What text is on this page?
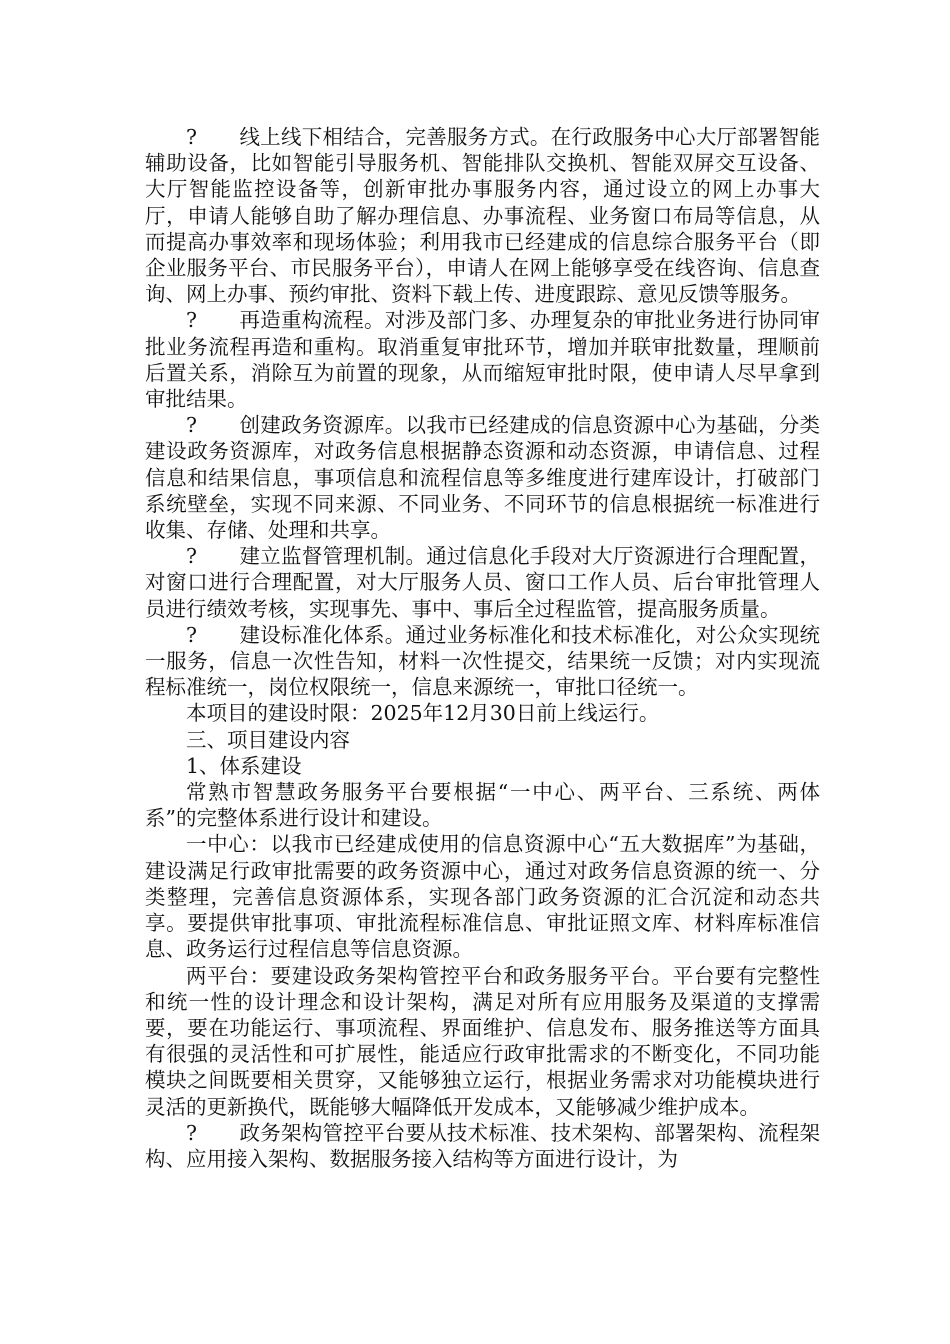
? 线上线下相结合，完善服务方式。在行政服务中心大厅部署智能辅助设备，比如智能引导服务机、智能排队交换机、智能双屏交互设备、大厅智能监控设备等，创新审批办事服务内容，通过设立的网上办事大厅，申请人能够自助了解办理信息、办事流程、业务窗口布局等信息，从而提高办事效率和现场体验；利用我市已经建成的信息综合服务平台（即企业服务平台、市民服务平台），申请人在网上能够享受在线咨询、信息查询、网上办事、预约审批、资料下载上传、进度跟踪、意见反馈等服务。

? 再造重构流程。对涉及部门多、办理复杂的审批业务进行协同审批业务流程再造和重构。取消重复审批环节，增加并联审批数量，理顺前后置关系，消除互为前置的现象，从而缩短审批时限，使申请人尽早拿到审批结果。

? 创建政务资源库。以我市已经建成的信息资源中心为基础，分类建设政务资源库，对政务信息根据静态资源和动态资源，申请信息、过程信息和结果信息，事项信息和流程信息等多维度进行建库设计，打破部门系统壁垒，实现不同来源、不同业务、不同环节的信息根据统一标准进行收集、存储、处理和共享。

? 建立监督管理机制。通过信息化手段对大厅资源进行合理配置，对窗口进行合理配置，对大厅服务人员、窗口工作人员、后台审批管理人员进行绩效考核，实现事先、事中、事后全过程监管，提高服务质量。

? 建设标准化体系。通过业务标准化和技术标准化，对公众实现统一服务，信息一次性告知，材料一次性提交，结果统一反馈；对内实现流程标准统一，岗位权限统一，信息来源统一，审批口径统一。

本项目的建设时限：2025年12月30日前上线运行。

三、项目建设内容

1、体系建设

常熟市智慧政务服务平台要根据“一中心、两平台、三系统、两体系”的完整体系进行设计和建设。

一中心：以我市已经建成使用的信息资源中心“五大数据库”为基础，建设满足行政审批需要的政务资源中心，通过对政务信息资源的统一、分类整理，完善信息资源体系，实现各部门政务资源的汇合沉淀和动态共享。要提供审批事项、审批流程标准信息、审批证照文库、材料库标准信息、政务运行过程信息等信息资源。

两平台：要建设政务架构管控平台和政务服务平台。平台要有完整性和统一性的设计理念和设计架构，满足对所有应用服务及渠道的支撑需要，要在功能运行、事项流程、界面维护、信息发布、服务推送等方面具有很强的灵活性和可扩展性，能适应行政审批需求的不断变化，不同功能模块之间既要相关贯穿，又能够独立运行，根据业务需求对功能模块进行灵活的更新换代，既能够大幅降低开发成本，又能够减少维护成本。

? 政务架构管控平台要从技术标准、技术架构、部署架构、流程架构、应用接入架构、数据服务接入结构等方面进行设计，为
